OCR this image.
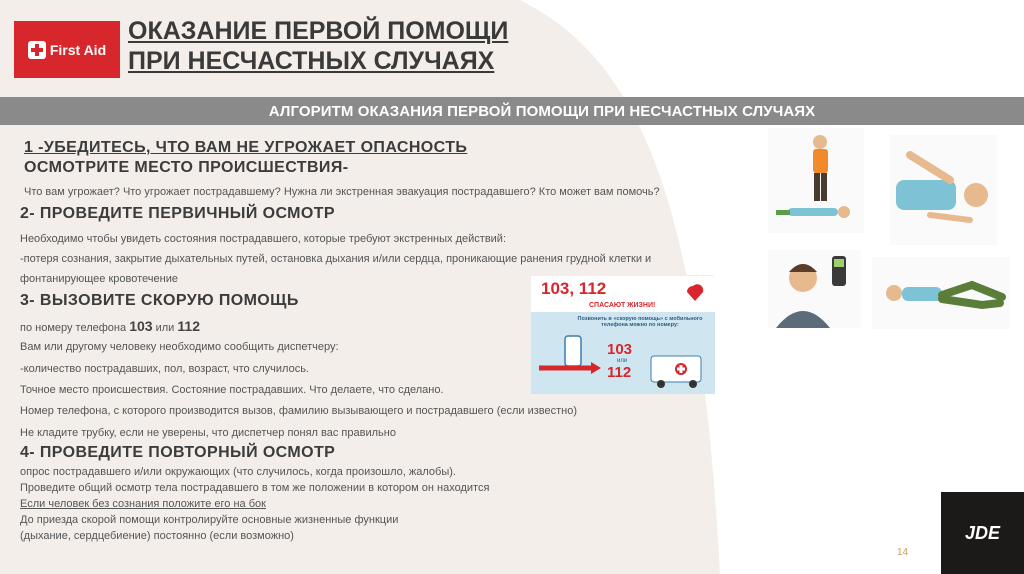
First Aid
ОКАЗАНИЕ ПЕРВОЙ ПОМОЩИ
ПРИ НЕСЧАСТНЫХ СЛУЧАЯХ
АЛГОРИТМ ОКАЗАНИЯ ПЕРВОЙ ПОМОЩИ ПРИ НЕСЧАСТНЫХ СЛУЧАЯХ
1 -УБЕДИТЕСЬ, ЧТО ВАМ НЕ УГРОЖАЕТ ОПАСНОСТЬ
ОСМОТРИТЕ МЕСТО ПРОИСШЕСТВИЯ-
Что вам угрожает? Что угрожает пострадавшему? Нужна ли экстренная эвакуация пострадавшего? Кто может вам помочь?
2- ПРОВЕДИТЕ ПЕРВИЧНЫЙ ОСМОТР
Необходимо чтобы увидеть состояния пострадавшего, которые требуют экстренных действий:
-потеря сознания, закрытие дыхательных путей, остановка дыхания и/или сердца, проникающие ранения грудной клетки и
фонтанирующее кровотечение
3- ВЫЗОВИТЕ СКОРУЮ ПОМОЩЬ
по номеру телефона 103 или 112
Вам или другому человеку необходимо сообщить диспетчеру:
-количество пострадавших, пол, возраст, что случилось.
Точное место происшествия. Состояние пострадавших. Что делаете, что сделано.
Номер телефона, с которого производится вызов, фамилию вызывающего и пострадавшего (если известно)
Не кладите трубку, если не уверены, что диспетчер понял вас правильно
4- ПРОВЕДИТЕ ПОВТОРНЫЙ ОСМОТР
опрос пострадавшего и/или окружающих (что случилось, когда произошло, жалобы).
Проведите общий осмотр тела пострадавшего в том же положении в котором он находится
Если человек без сознания положите его на бок
До приезда скорой помощи контролируйте основные жизненные функции
(дыхание, сердцебиение) постоянно (если возможно)
103, 112
СПАСАЮТ ЖИЗНИ!
Позвонить в «скорую помощь» с мобильного телефона можно по номеру:
103
или
112
14
JDE
